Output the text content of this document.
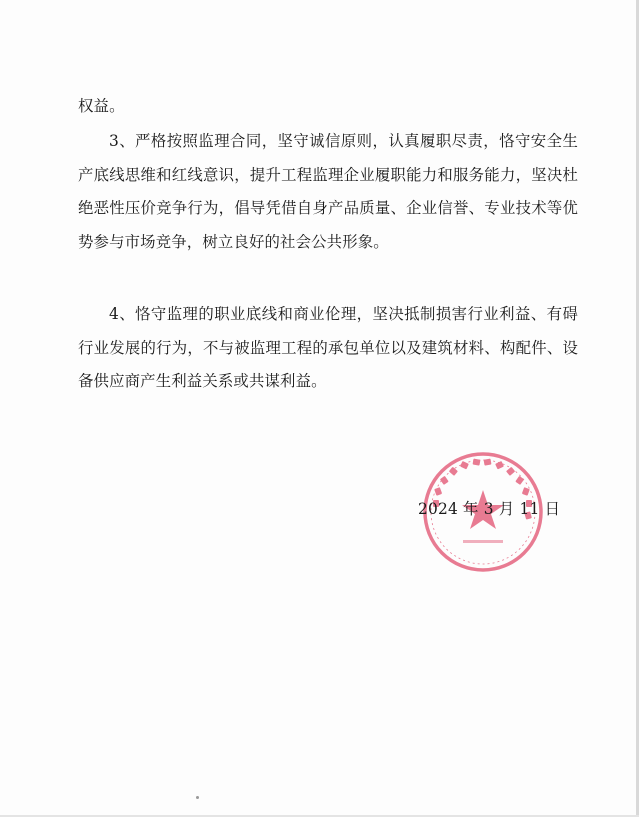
权益。

3、严格按照监理合同，坚守诚信原则，认真履职尽责，恪守安全生产底线思维和红线意识，提升工程监理企业履职能力和服务能力，坚决杜绝恶性压价竞争行为，倡导凭借自身产品质量、企业信誉、专业技术等优势参与市场竞争，树立良好的社会公共形象。

4、恪守监理的职业底线和商业伦理，坚决抵制损害行业利益、有碍行业发展的行为，不与被监理工程的承包单位以及建筑材料、构配件、设备供应商产生利益关系或共谋利益。

2024 年 3 月 11 日
